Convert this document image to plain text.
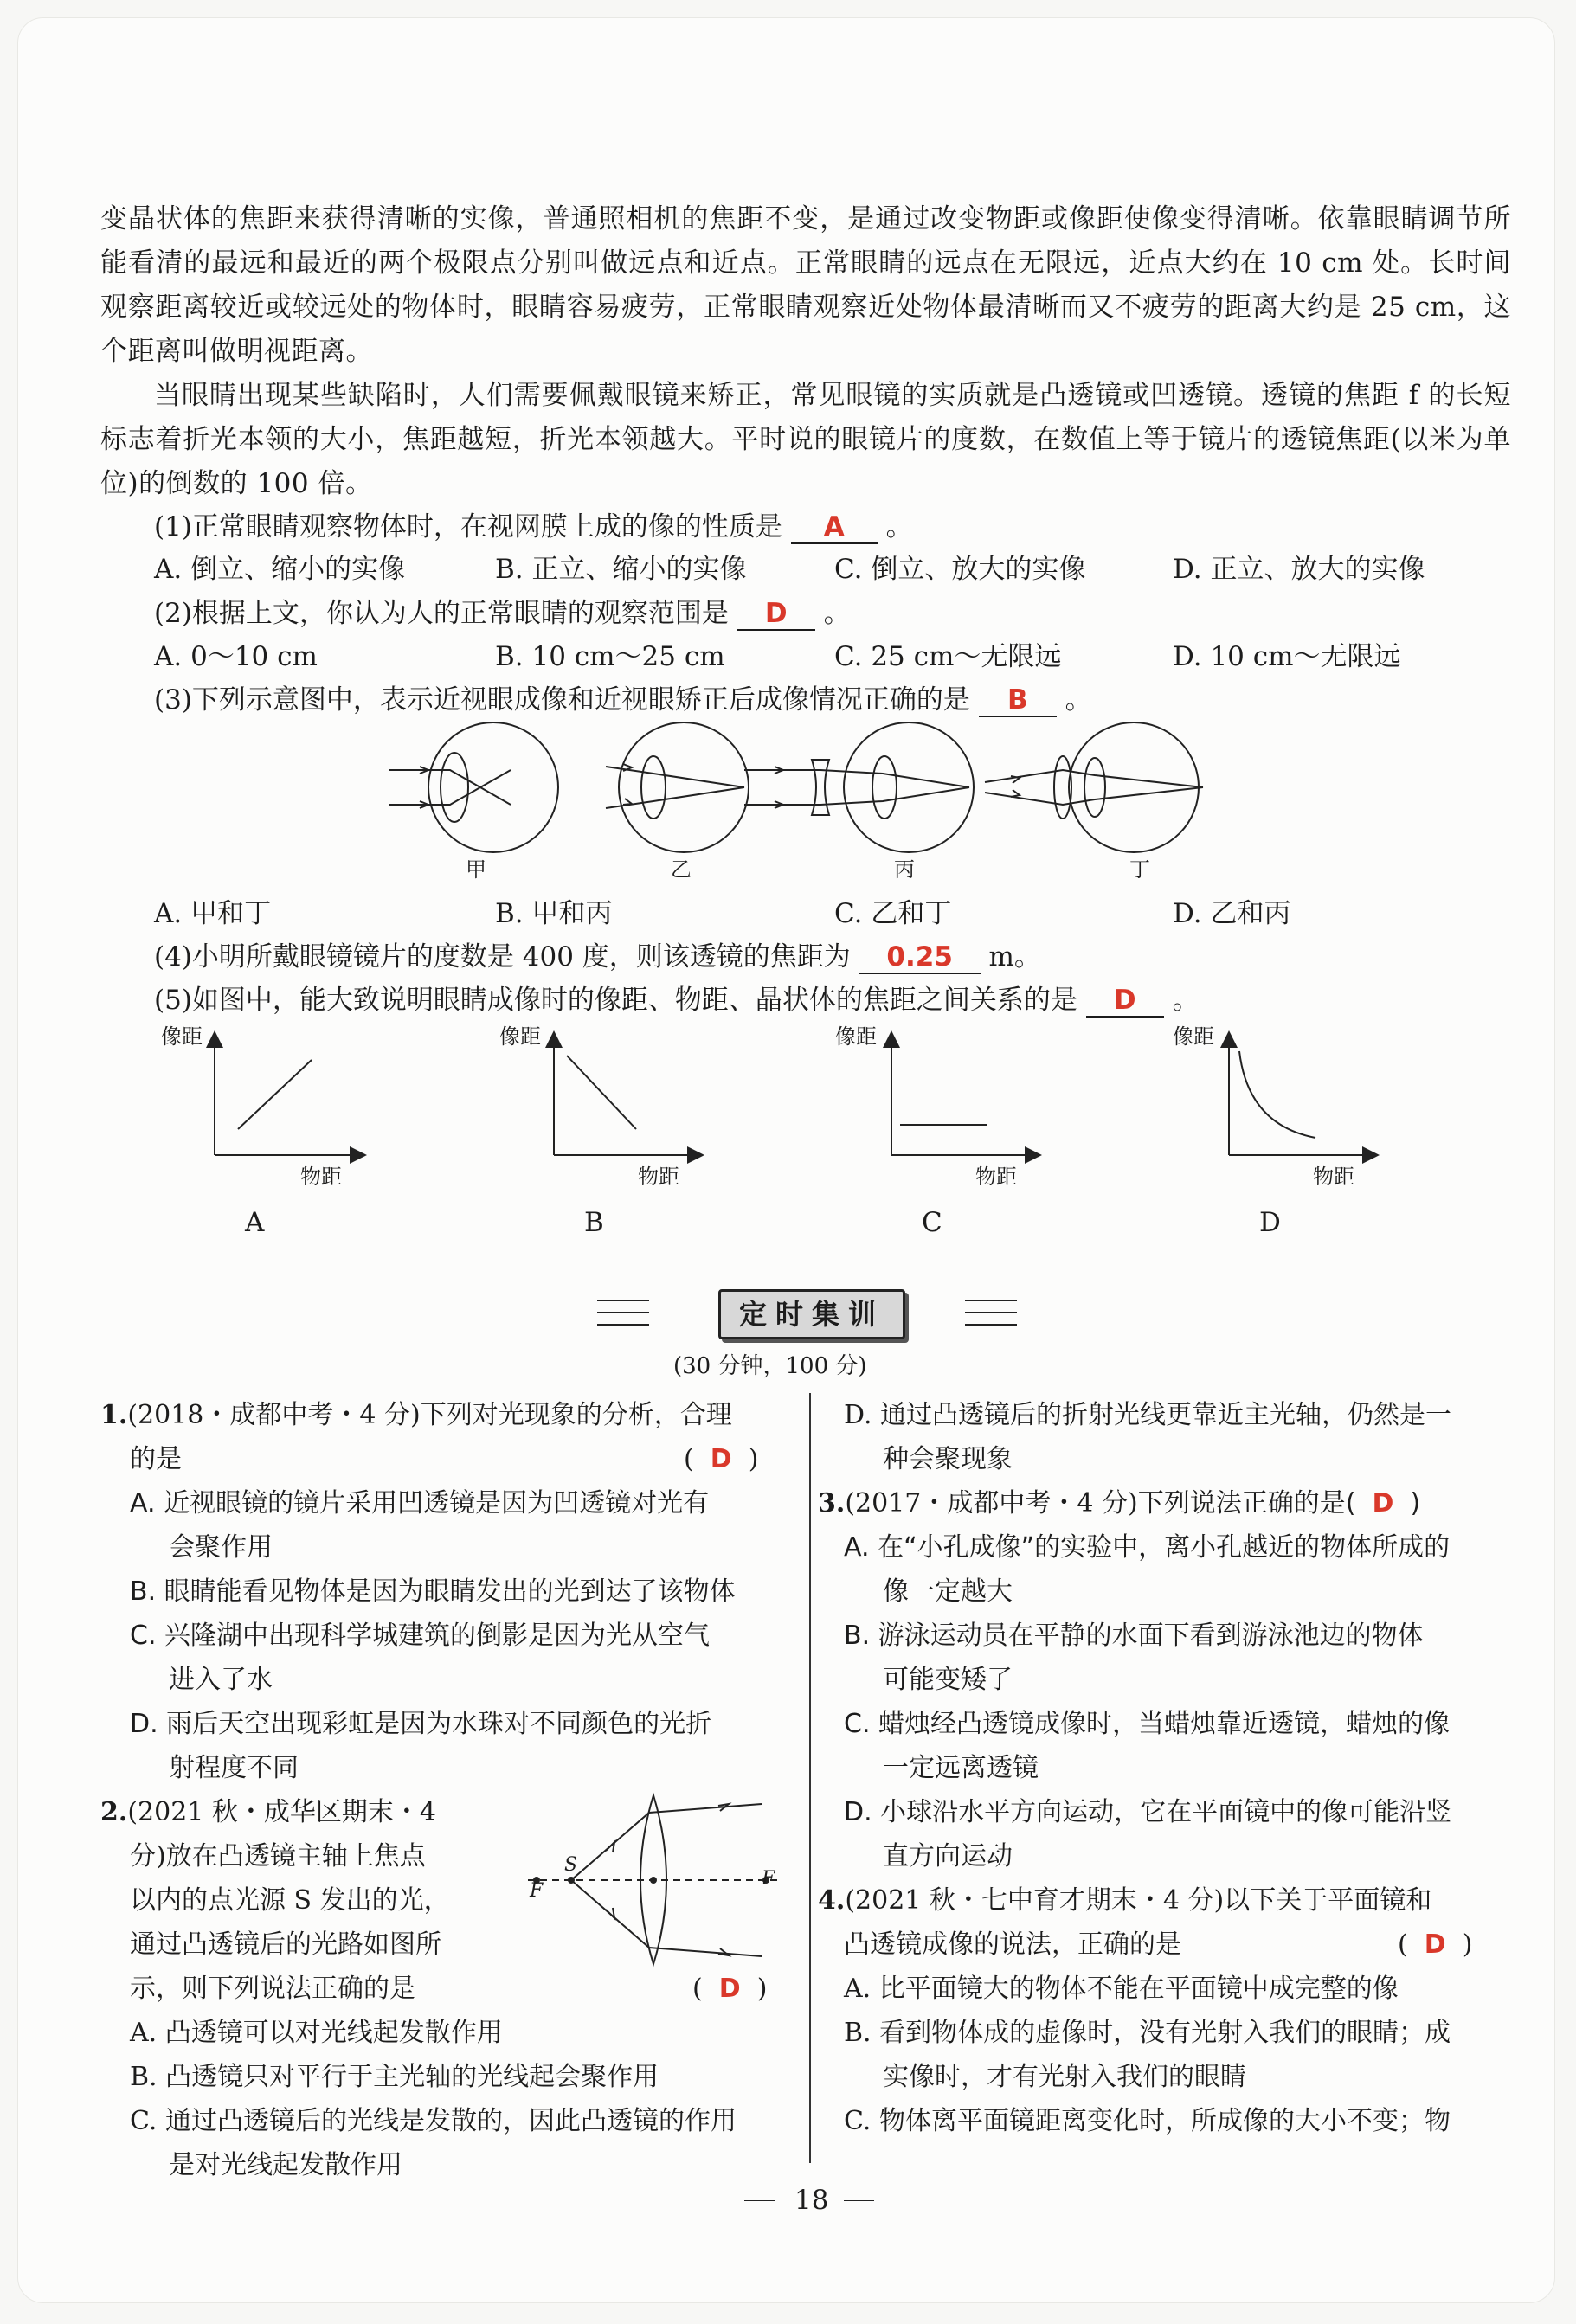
变晶状体的焦距来获得清晰的实像，普通照相机的焦距不变，是通过改变物距或像距使像变得清晰。依靠眼睛调节所能看清的最远和最近的两个极限点分别叫做远点和近点。正常眼睛的远点在无限远，近点大约在 10 cm 处。长时间观察距离较近或较远处的物体时，眼睛容易疲劳，正常眼睛观察近处物体最清晰而又不疲劳的距离大约是 25 cm，这个距离叫做明视距离。
当眼睛出现某些缺陷时，人们需要佩戴眼镜来矫正，常见眼镜的实质就是凸透镜或凹透镜。透镜的焦距 f 的长短标志着折光本领的大小，焦距越短，折光本领越大。平时说的眼镜片的度数，在数值上等于镜片的透镜焦距(以米为单位)的倒数的 100 倍。
(1)正常眼睛观察物体时，在视网膜上成的像的性质是 A 。
A. 倒立、缩小的实像	B. 正立、缩小的实像	C. 倒立、放大的实像	D. 正立、放大的实像
(2)根据上文，你认为人的正常眼睛的观察范围是 D 。
A. 0～10 cm	B. 10 cm～25 cm	C. 25 cm～无限远	D. 10 cm～无限远
(3)下列示意图中，表示近视眼成像和近视眼矫正后成像情况正确的是 B 。
甲	乙	丙	丁
A. 甲和丁	B. 甲和丙	C. 乙和丁	D. 乙和丙
(4)小明所戴眼镜镜片的度数是 400 度，则该透镜的焦距为 0.25 m。
(5)如图中，能大致说明眼睛成像时的像距、物距、晶状体的焦距之间关系的是 D 。
像距	像距	像距	像距
物距	物距	物距	物距
A	B	C	D
定时集训
(30 分钟，100 分)
1.(2018・成都中考・4 分)下列对光现象的分析，合理
的是	(  D  )
A. 近视眼镜的镜片采用凹透镜是因为凹透镜对光有
会聚作用
B. 眼睛能看见物体是因为眼睛发出的光到达了该物体
C. 兴隆湖中出现科学城建筑的倒影是因为光从空气
进入了水
D. 雨后天空出现彩虹是因为水珠对不同颜色的光折
射程度不同
2.(2021 秋・成华区期末・4
分)放在凸透镜主轴上焦点
以内的点光源 S 发出的光，
通过凸透镜后的光路如图所
示，则下列说法正确的是	(  D  )
S
F
F
A. 凸透镜可以对光线起发散作用
B. 凸透镜只对平行于主光轴的光线起会聚作用
C. 通过凸透镜后的光线是发散的，因此凸透镜的作用
是对光线起发散作用
D. 通过凸透镜后的折射光线更靠近主光轴，仍然是一
种会聚现象
3.(2017・成都中考・4 分)下列说法正确的是(  D  )
A. 在“小孔成像”的实验中，离小孔越近的物体所成的
像一定越大
B. 游泳运动员在平静的水面下看到游泳池边的物体
可能变矮了
C. 蜡烛经凸透镜成像时，当蜡烛靠近透镜，蜡烛的像
一定远离透镜
D. 小球沿水平方向运动，它在平面镜中的像可能沿竖
直方向运动
4.(2021 秋・七中育才期末・4 分)以下关于平面镜和
凸透镜成像的说法，正确的是	(  D  )
A. 比平面镜大的物体不能在平面镜中成完整的像
B. 看到物体成的虚像时，没有光射入我们的眼睛；成
实像时，才有光射入我们的眼睛
C. 物体离平面镜距离变化时，所成像的大小不变；物
18
